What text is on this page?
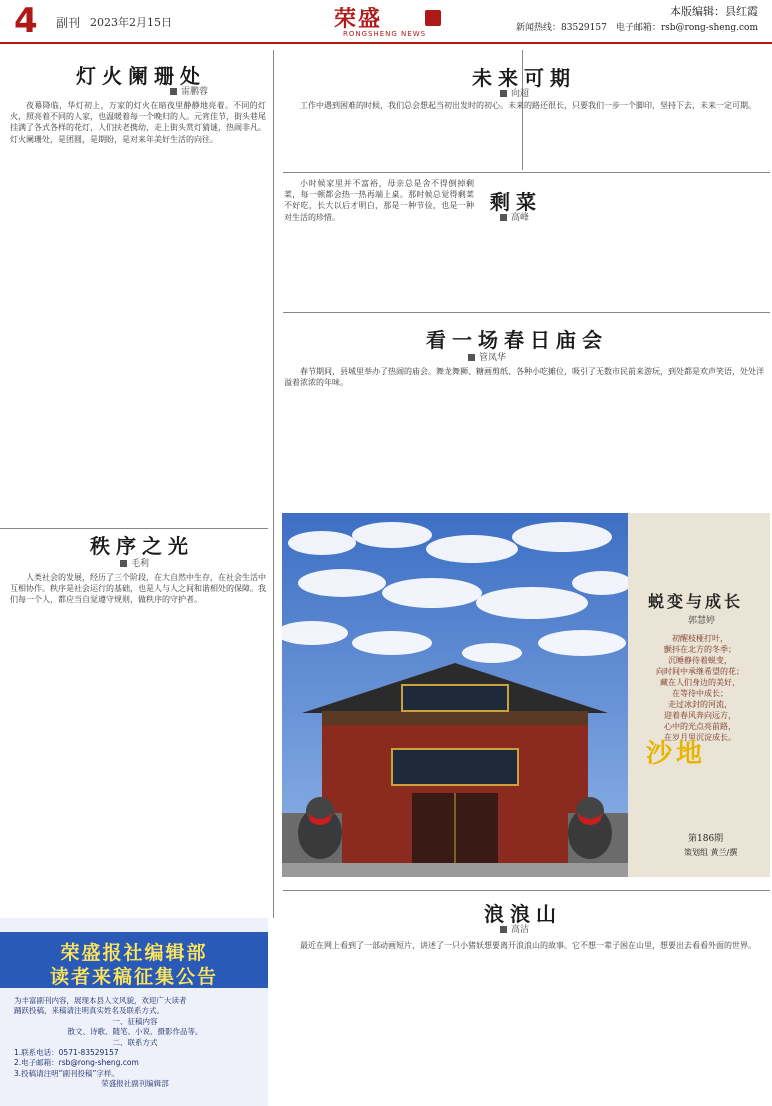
4 副刊 2023年2月15日	荣盛
RONGSHENG NEWS
本版编辑：县红霞
新闻热线：83529157　电子邮箱：rsb@rong-sheng.com
灯火阑珊处
雷鹏蓉
夜幕降临，华灯初上，万家的灯火在暗夜里静静地亮着。不同的灯火，照亮着不同的人家，也温暖着每一个晚归的人。元宵佳节，街头巷尾挂满了各式各样的花灯，人们扶老携幼，走上街头赏灯猜谜，热闹非凡。灯火阑珊处，是团圆，是期盼，是对来年美好生活的向往。
秩序之光
毛利
人类社会的发展，经历了三个阶段，在大自然中生存，在社会生活中互相协作。秩序是社会运行的基础，也是人与人之间和谐相处的保障。我们每一个人，都应当自觉遵守规则，做秩序的守护者。
未来可期
向超
工作中遇到困难的时候，我们总会想起当初出发时的初心。未来的路还很长，只要我们一步一个脚印，坚持下去，未来一定可期。
剩菜
高峰
小时候家里并不富裕，母亲总是舍不得倒掉剩菜，每一顿都会热一热再端上桌。那时候总觉得剩菜不好吃，长大以后才明白，那是一种节俭，也是一种对生活的珍惜。
看一场春日庙会
管凤华
春节期间，县城里举办了热闹的庙会。舞龙舞狮、糖画剪纸、各种小吃摊位，吸引了无数市民前来游玩，到处都是欢声笑语，处处洋溢着浓浓的年味。
蜕变与成长
郭慧婷
初醒枝桠打叶，
颤抖在北方的冬季；
沉睡静待着蜕变，
向时间中承继希望的花；
藏在人们身边的美好，
在等待中成长；
走过冰封的河流，
迎着春风奔向远方，
心中的光点亮前路，
在岁月里沉淀成长。
沙地
第186期
策划组 黄兰/撰
浪浪山
高洁
最近在网上看到了一部动画短片，讲述了一只小猪妖想要离开浪浪山的故事。它不想一辈子困在山里，想要出去看看外面的世界。
荣盛报社编辑部
读者来稿征集公告
为丰富副刊内容，展现本县人文风貌，欢迎广大读者
踊跃投稿，来稿请注明真实姓名及联系方式。
一、征稿内容
散文、诗歌、随笔、小说、摄影作品等。
二、联系方式
1.联系电话：0571-83529157
2.电子邮箱：rsb@rong-sheng.com
3.投稿请注明“副刊投稿”字样。
荣盛报社副刊编辑部
